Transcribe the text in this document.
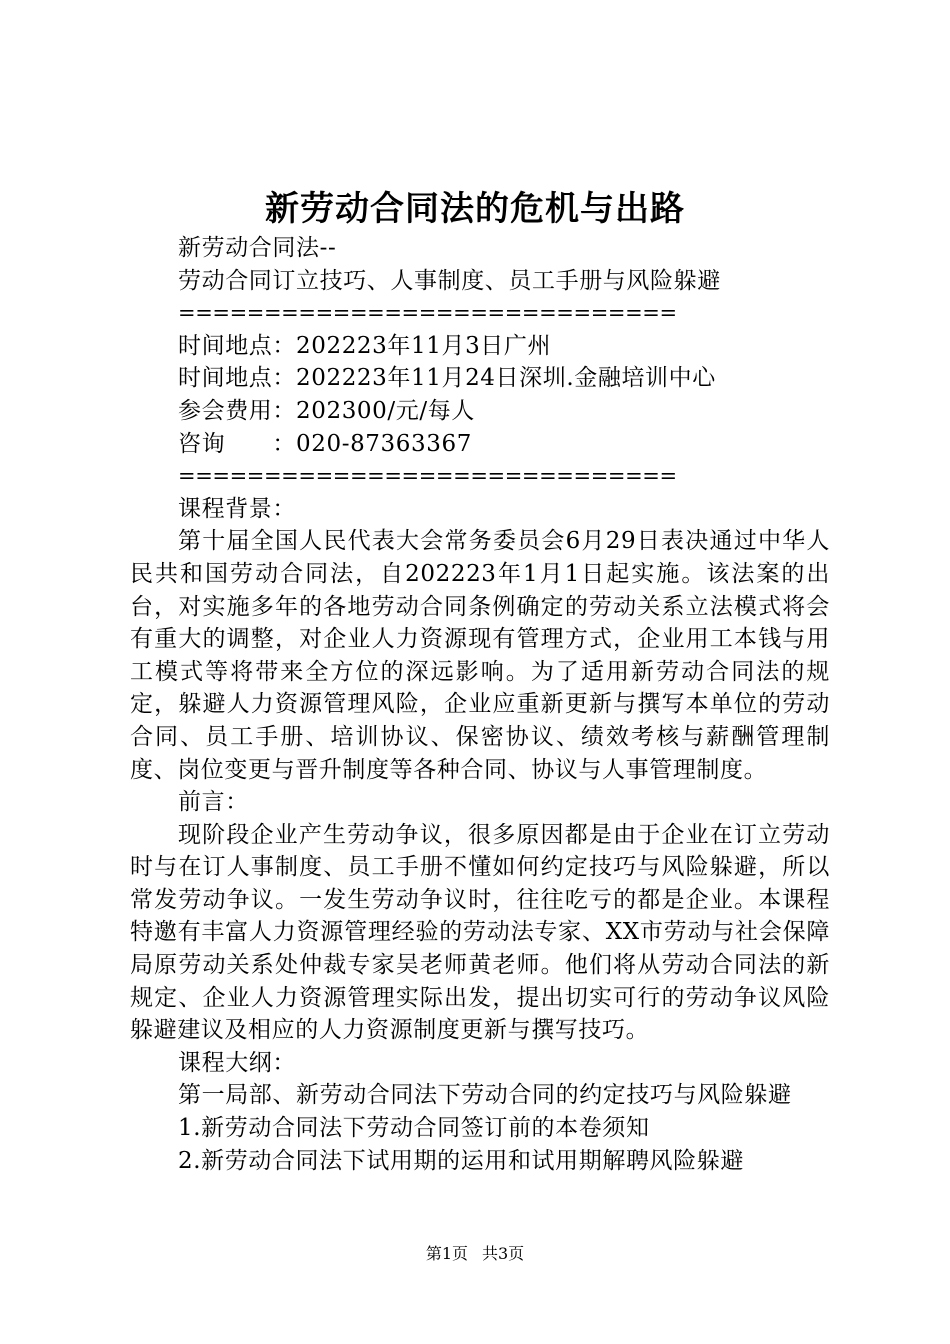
新劳动合同法的危机与出路

新劳动合同法--

劳动合同订立技巧、人事制度、员工手册与风险躲避

=============================

时间地点：202223年11月3日广州

时间地点：202223年11月24日深圳.金融培训中心

参会费用：202300/元/每人

咨询　　：020-87363367

=============================

课程背景：

第十届全国人民代表大会常务委员会6月29日表决通过中华人民共和国劳动合同法，自202223年1月1日起实施。该法案的出台，对实施多年的各地劳动合同条例确定的劳动关系立法模式将会有重大的调整，对企业人力资源现有管理方式，企业用工本钱与用工模式等将带来全方位的深远影响。为了适用新劳动合同法的规定，躲避人力资源管理风险，企业应重新更新与撰写本单位的劳动合同、员工手册、培训协议、保密协议、绩效考核与薪酬管理制度、岗位变更与晋升制度等各种合同、协议与人事管理制度。

前言：

现阶段企业产生劳动争议，很多原因都是由于企业在订立劳动时与在订人事制度、员工手册不懂如何约定技巧与风险躲避，所以常发劳动争议。一发生劳动争议时，往往吃亏的都是企业。本课程特邀有丰富人力资源管理经验的劳动法专家、XX市劳动与社会保障局原劳动关系处仲裁专家吴老师黄老师。他们将从劳动合同法的新规定、企业人力资源管理实际出发，提出切实可行的劳动争议风险躲避建议及相应的人力资源制度更新与撰写技巧。

课程大纲：

第一局部、新劳动合同法下劳动合同的约定技巧与风险躲避

1.新劳动合同法下劳动合同签订前的本卷须知

2.新劳动合同法下试用期的运用和试用期解聘风险躲避

第1页 共3页
